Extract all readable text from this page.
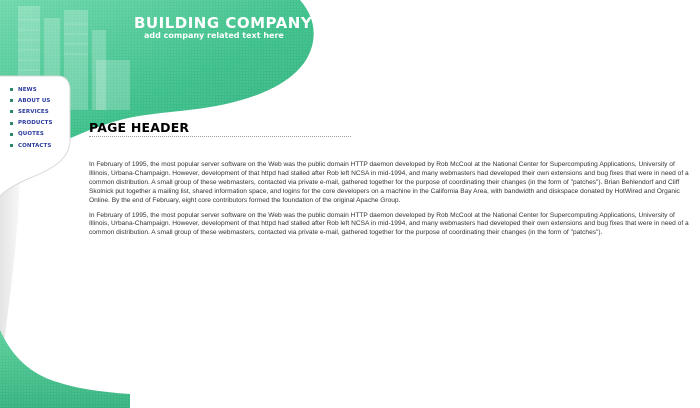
BUILDING COMPANY
add company related text here
NEWS
ABOUT US
SERVICES
PRODUCTS
QUOTES
CONTACTS
PAGE HEADER

In February of 1995, the most popular server software on the Web was the public domain HTTP daemon developed by Rob McCool at the National Center for Supercomputing Applications, University of Illinois, Urbana-Champaign. However, development of that httpd had stalled after Rob left NCSA in mid-1994, and many webmasters had developed their own extensions and bug fixes that were in need of a common distribution. A small group of these webmasters, contacted via private e-mail, gathered together for the purpose of coordinating their changes (in the form of "patches"). Brian Behlendorf and Cliff Skolnick put together a mailing list, shared information space, and logins for the core developers on a machine in the California Bay Area, with bandwidth and diskspace donated by HotWired and Organic Online. By the end of February, eight core contributors formed the foundation of the original Apache Group.

In February of 1995, the most popular server software on the Web was the public domain HTTP daemon developed by Rob McCool at the National Center for Supercomputing Applications, University of Illinois, Urbana-Champaign. However, development of that httpd had stalled after Rob left NCSA in mid-1994, and many webmasters had developed their own extensions and bug fixes that were in need of a common distribution. A small group of these webmasters, contacted via private e-mail, gathered together for the purpose of coordinating their changes (in the form of "patches").
